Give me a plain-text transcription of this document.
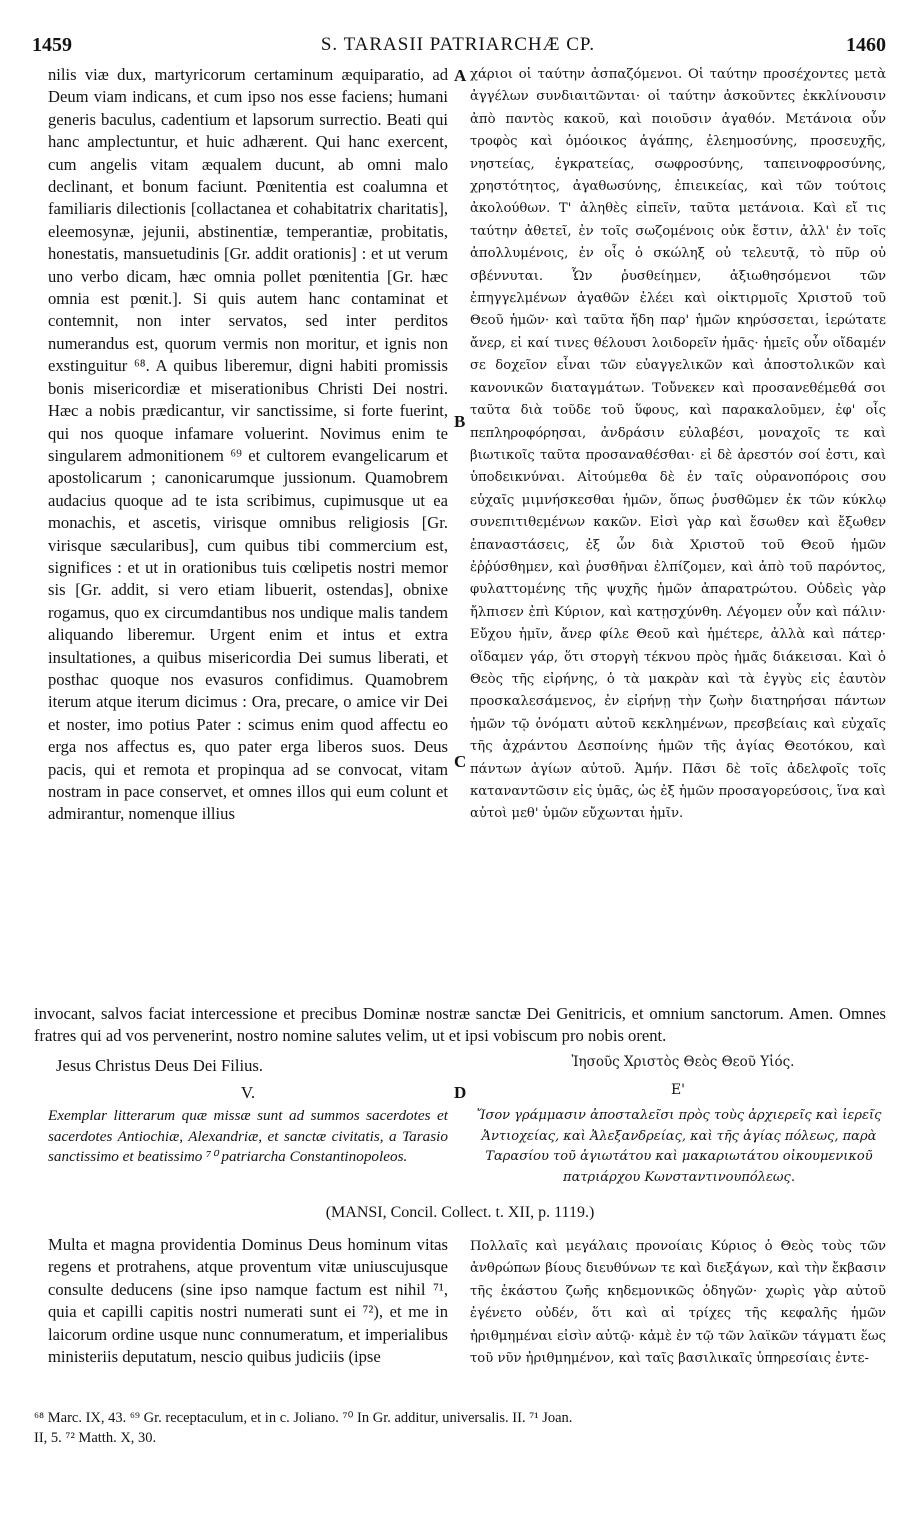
1459	S. TARASII PATRIARCHÆ CP.	1460

nilis viæ dux, martyricorum certaminum æquiparatio, ad Deum viam indicans, et cum ipso nos esse faciens; humani generis baculus, cadentium et lapsorum surrectio. Beati qui hanc amplectuntur, et huic adhærent. Qui hanc exercent, cum angelis vitam æqualem ducunt, ab omni malo declinant, et bonum faciunt. Pœnitentia est coalumna et familiaris dilectionis [collactanea et cohabitatrix charitatis], eleemosynæ, jejunii, abstinentiæ, temperantiæ, probitatis, honestatis, mansuetudinis [Gr. addit orationis] : et ut verum uno verbo dicam, hæc omnia pollet pœnitentia [Gr. hæc omnia est pœnit.]. Si quis autem hanc contaminat et contemnit, non inter servatos, sed inter perditos numerandus est, quorum vermis non moritur, et ignis non exstinguitur ⁶⁸. A quibus liberemur, digni habiti promissis bonis misericordiæ et miserationibus Christi Dei nostri. Hæc a nobis prædicantur, vir sanctissime, si forte fuerint, qui nos quoque infamare voluerint. Novimus enim te singularem admonitionem ⁶⁹ et cultorem evangelicarum et apostolicarum ; canonicarumque jussionum. Quamobrem audacius quoque ad te ista scribimus, cupimusque ut ea monachis, et ascetis, virisque omnibus religiosis [Gr. virisque sæcularibus], cum quibus tibi commercium est, significes : et ut in orationibus tuis cœlipetis nostri memor sis [Gr. addit, si vero etiam libuerit, ostendas], obnixe rogamus, quo ex circumdantibus nos undique malis tandem aliquando liberemur. Urgent enim et intus et extra insultationes, a quibus misericordia Dei sumus liberati, et posthac quoque nos evasuros confidimus. Quamobrem iterum atque iterum dicimus : Ora, precare, o amice vir Dei et noster, imo potius Pater : scimus enim quod affectu eo erga nos affectus es, quo pater erga liberos suos. Deus pacis, qui et remota et propinqua ad se convocat, vitam nostram in pace conservet, et omnes illos qui eum colunt et admirantur, nomenque illius

χάριοι οἱ ταύτην ἀσπαζόμενοι. Οἱ ταύτην προσέχοντες μετὰ ἀγγέλων συνδιαιτῶνται· οἱ ταύτην ἀσκοῦντες ἐκκλίνουσιν ἀπὸ παντὸς κακοῦ, καὶ ποιοῦσιν ἀγαθόν. Μετάνοια οὖν τροφὸς καὶ ὁμόοικος ἀγάπης, ἐλεημοσύνης, προσευχῆς, νηστείας, ἐγκρατείας, σωφροσύνης, ταπεινοφροσύνης, χρηστότητος, ἀγαθωσύνης, ἐπιεικείας, καὶ τῶν τούτοις ἀκολούθων. Τ' ἀληθὲς εἰπεῖν, ταῦτα μετάνοια. Καὶ εἴ τις ταύτην ἀθετεῖ, ἐν τοῖς σωζομένοις οὐκ ἔστιν, ἀλλ' ἐν τοῖς ἀπολλυμένοις, ἐν οἷς ὁ σκώληξ οὐ τελευτᾷ, τὸ πῦρ οὐ σβέννυται. Ὧν ῥυσθείημεν, ἀξιωθησόμενοι τῶν ἐπηγγελμένων ἀγαθῶν ἐλέει καὶ οἰκτιρμοῖς Χριστοῦ τοῦ Θεοῦ ἡμῶν· καὶ ταῦτα ἤδη παρ' ἡμῶν κηρύσσεται, ἱερώτατε ἄνερ, εἰ καί τινες θέλουσι λοιδορεῖν ἡμᾶς· ἡμεῖς οὖν οἴδαμέν σε δοχεῖον εἶναι τῶν εὐαγγελικῶν καὶ ἀποστολικῶν καὶ κανονικῶν διαταγμάτων. Τοὔνεκεν καὶ προσανεθέμεθά σοι ταῦτα διὰ τοῦδε τοῦ ὕφους, καὶ παρακαλοῦμεν, ἐφ' οἷς πεπληροφόρησαι, ἀνδράσιν εὐλαβέσι, μοναχοῖς τε καὶ βιωτικοῖς ταῦτα προσαναθέσθαι· εἰ δὲ ἀρεστόν σοί ἐστι, καὶ ὑποδεικνύναι. Αἰτούμεθα δὲ ἐν ταῖς οὐρανοπόροις σου εὐχαῖς μιμνήσκεσθαι ἡμῶν, ὅπως ῥυσθῶμεν ἐκ τῶν κύκλῳ συνεπιτιθεμένων κακῶν. Εἰσὶ γὰρ καὶ ἔσωθεν καὶ ἔξωθεν ἐπαναστάσεις, ἐξ ὧν διὰ Χριστοῦ τοῦ Θεοῦ ἡμῶν ἐῤῥύσθημεν, καὶ ῥυσθῆναι ἐλπίζομεν, καὶ ἀπὸ τοῦ παρόντος, φυλαττομένης τῆς ψυχῆς ἡμῶν ἀπαρατρώτου. Οὐδεὶς γὰρ ἤλπισεν ἐπὶ Κύριον, καὶ κατῃσχύνθη. Λέγομεν οὖν καὶ πάλιν· Εὔχου ἡμῖν, ἄνερ φίλε Θεοῦ καὶ ἡμέτερε, ἀλλὰ καὶ πάτερ· οἴδαμεν γάρ, ὅτι στοργὴ τέκνου πρὸς ἡμᾶς διάκεισαι. Καὶ ὁ Θεὸς τῆς εἰρήνης, ὁ τὰ μακρὰν καὶ τὰ ἐγγὺς εἰς ἑαυτὸν προσκαλεσάμενος, ἐν εἰρήνῃ τὴν ζωὴν διατηρήσαι πάντων ἡμῶν τῷ ὀνόματι αὐτοῦ κεκλημένων, πρεσβείαις καὶ εὐχαῖς τῆς ἀχράντου Δεσποίνης ἡμῶν τῆς ἁγίας Θεοτόκου, καὶ πάντων ἁγίων αὐτοῦ. Ἀμήν. Πᾶσι δὲ τοῖς ἀδελφοῖς τοῖς καταναντῶσιν εἰς ὑμᾶς, ὡς ἐξ ἡμῶν προσαγορεύσοις, ἵνα καὶ αὐτοὶ μεθ' ὑμῶν εὔχωνται ἡμῖν.

A
B
C

invocant, salvos faciat intercessione et precibus Dominæ nostræ sanctæ Dei Genitricis, et omnium sanctorum. Amen. Omnes fratres qui ad vos pervenerint, nostro nomine salutes velim, ut et ipsi vobiscum pro nobis orent.

Jesus Christus Deus Dei Filius.	Ἰησοῦς Χριστὸς Θεὸς Θεοῦ Υἱός.
V.	D	Ε'

Exemplar litterarum quæ missæ sunt ad summos sacerdotes et sacerdotes Antiochiæ, Alexandriæ, et sanctæ civitatis, a Tarasio sanctissimo et beatissimo ⁷⁰ patriarcha Constantinopoleos.

Ἴσον γράμμασιν ἀποσταλεῖσι πρὸς τοὺς ἀρχιερεῖς καὶ ἱερεῖς Ἀντιοχείας, καὶ Ἀλεξανδρείας, καὶ τῆς ἁγίας πόλεως, παρὰ Ταρασίου τοῦ ἁγιωτάτου καὶ μακαριωτάτου οἰκουμενικοῦ πατριάρχου Κωνσταντινουπόλεως.

(MANSI, Concil. Collect. t. XII, p. 1119.)

Multa et magna providentia Dominus Deus hominum vitas regens et protrahens, atque proventum vitæ uniuscujusque consulte deducens (sine ipso namque factum est nihil ⁷¹, quia et capilli capitis nostri numerati sunt ei ⁷²), et me in laicorum ordine usque nunc connumeratum, et imperialibus ministeriis deputatum, nescio quibus judiciis (ipse

Πολλαῖς καὶ μεγάλαις προνοίαις Κύριος ὁ Θεὸς τοὺς τῶν ἀνθρώπων βίους διευθύνων τε καὶ διεξάγων, καὶ τὴν ἔκβασιν τῆς ἑκάστου ζωῆς κηδεμονικῶς ὁδηγῶν· χωρὶς γὰρ αὐτοῦ ἐγένετο οὐδέν, ὅτι καὶ αἱ τρίχες τῆς κεφαλῆς ἡμῶν ἠριθμημέναι εἰσὶν αὐτῷ· κἀμὲ ἐν τῷ τῶν λαϊκῶν τάγματι ἕως τοῦ νῦν ἠριθμημένον, καὶ ταῖς βασιλικαῖς ὑπηρεσίαις ἐντε-

⁶⁸ Marc. IX, 43. ⁶⁹ Gr. receptaculum, et in c. Joliano. ⁷⁰ In Gr. additur, universalis. II. ⁷¹ Joan.
II, 5. ⁷² Matth. X, 30.
